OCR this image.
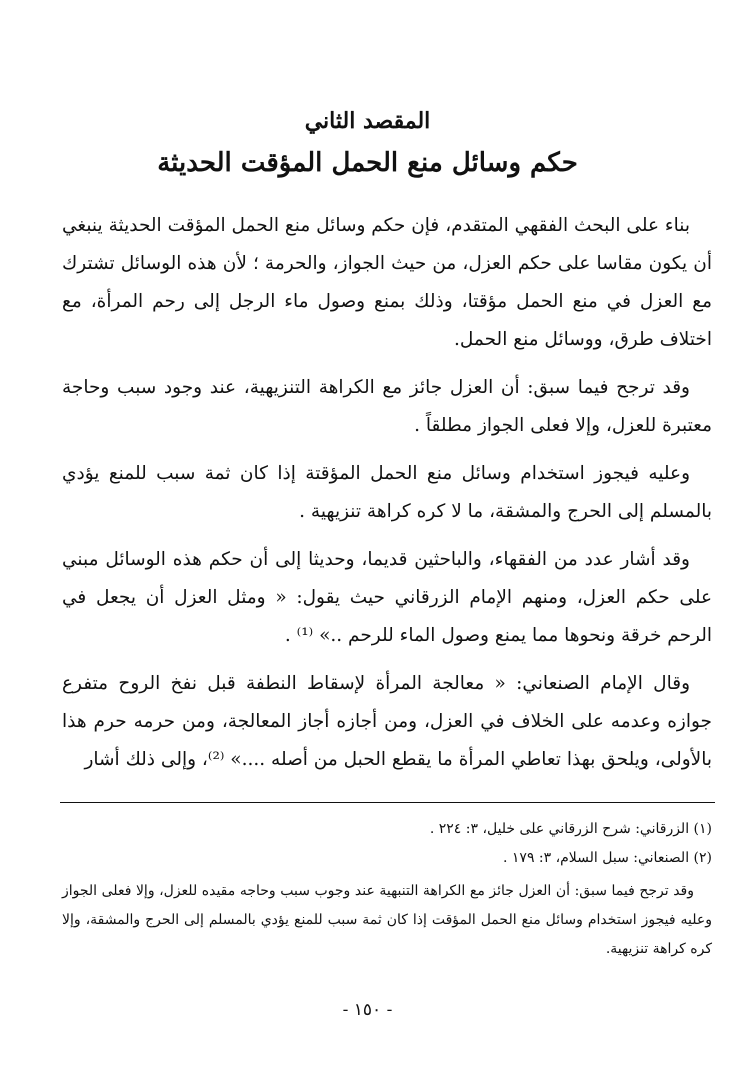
المقصد الثاني
حكم وسائل منع الحمل المؤقت الحديثة

بناء على البحث الفقهي المتقدم، فإن حكم وسائل منع الحمل المؤقت الحديثة ينبغي أن يكون مقاسا على حكم العزل، من حيث الجواز، والحرمة ؛ لأن هذه الوسائل تشترك مع العزل في منع الحمل مؤقتا، وذلك بمنع وصول ماء الرجل إلى رحم المرأة، مع اختلاف طرق، ووسائل منع الحمل.

وقد ترجح فيما سبق: أن العزل جائز مع الكراهة التنزيهية، عند وجود سبب وحاجة معتبرة للعزل، وإلا فعلى الجواز مطلقاً .

وعليه فيجوز استخدام وسائل منع الحمل المؤقتة إذا كان ثمة سبب للمنع يؤدي بالمسلم إلى الحرج والمشقة، ما لا كره كراهة تنزيهية .

وقد أشار عدد من الفقهاء، والباحثين قديما، وحديثا إلى أن حكم هذه الوسائل مبني على حكم العزل، ومنهم الإمام الزرقاني حيث يقول: « ومثل العزل أن يجعل في الرحم خرقة ونحوها مما يمنع وصول الماء للرحم ..» ⁽¹⁾ .

وقال الإمام الصنعاني: « معالجة المرأة لإسقاط النطفة قبل نفخ الروح متفرع جوازه وعدمه على الخلاف في العزل، ومن أجازه أجاز المعالجة، ومن حرمه حرم هذا بالأولى، ويلحق بهذا تعاطي المرأة ما يقطع الحبل من أصله ....» ⁽²⁾، وإلى ذلك أشار

(١) الزرقاني: شرح الزرقاني على خليل، ٣: ٢٢٤ .

(٢) الصنعاني: سبل السلام، ٣: ١٧٩ .

وقد ترجح فيما سبق: أن العزل جائز مع الكراهة التنبهية عند وجوب سبب وحاجه مقيده للعزل، وإلا فعلى الجواز وعليه فيجوز استخدام وسائل منع الحمل المؤقت إذا كان ثمة سبب للمنع يؤدي بالمسلم إلى الحرج والمشقة، وإلا كره كراهة تنزيهية.

- ١٥٠ -
